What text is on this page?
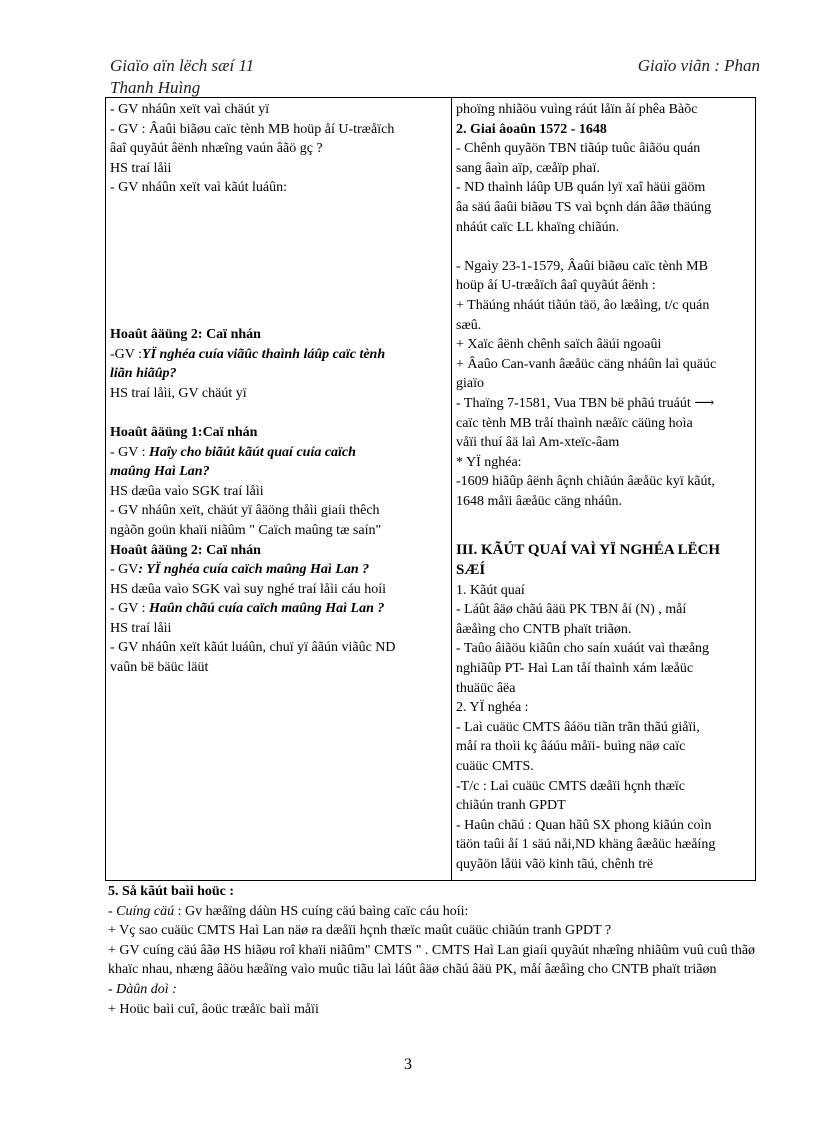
Giaïo aïn lëch sæí 11
Thanh Huìng
Giaïo viãn : Phan
- GV nháûn xeït vaì chäút yï
- GV : Âaûi biãøu caïc tènh MB hoüp åí U-træåïch
âaî quyãút âënh nhæîng vaún âãö gç ?
HS traí låìi
- GV nháûn xeït vaì kãút luáûn:
Hoaût âäüng 2: Caï nhán
-GV :YÏ nghéa cuía viãûc thaình láûp caïc tènh
liãn hiãûp?
HS traí låìi, GV chäút yï
Hoaût âäüng 1:Caï nhán
- GV : Haîy cho biãút kãút quaí cuía caïch
maûng Haì Lan?
HS dæûa vaìo SGK traí låìi
- GV nháûn xeït, chäút yï âäöng thåìi giaíi thêch
ngàõn goün khaïi niãûm " Caïch maûng tæ saín"
Hoaût âäüng 2: Caï nhán
- GV: YÏ nghéa cuía caïch maûng Haì Lan ?
HS dæûa vaìo SGK vaì suy nghé traí låìi cáu hoíi
- GV : Haûn chãú cuía caïch maûng Haì Lan ?
HS traí låìi
- GV nháûn xeït kãút luáûn, chuï yï âãún viãûc ND
vaûn bë bäüc läüt

phoïng nhiãöu vuìng ráút låïn åí phêa Bàõc
2. Giai âoaûn 1572 - 1648
- Chênh quyãön TBN tiãúp tuûc âiãöu quán
sang âaìn aïp, cæåïp phaï.
- ND thaình láûp UB quán lyï xaî häüi gäöm
âa säú âaûi biãøu TS vaì bçnh dán âãø thäúng
nháút caïc LL khaïng chiãún.
- Ngaìy 23-1-1579, Âaûi biãøu caïc tènh MB
hoüp åí U-træåïch âaî quyãút âënh :
+ Thäúng nháút tiãún täö, âo læåìng, t/c quán
sæû.
+ Xaïc âënh chênh saïch âäúi ngoaûi
+ Âaûo Can-vanh âæåüc cäng nháûn laì quäúc
giaïo
- Thaïng 7-1581, Vua TBN bë phãú truáút ⟶
caïc tènh MB tråí thaình næåïc cäüng hoìa
våïi thuí âä laì Am-xteïc-âam
* YÏ nghéa:
-1609 hiãûp âënh âçnh chiãún âæåüc kyï kãút,
1648 måïi âæåüc cäng nháûn.
III. KÃÚT QUAÍ VAÌ YÏ NGHÉA LËCH
SÆÍ
1. Kãút quaí
- Láût âäø chãú âäü PK TBN åí (N) , måí
âæåìng cho CNTB phaït triãøn.
- Taûo âiãöu kiãûn cho saín xuáút vaì thæång
nghiãûp PT- Haì Lan tåí thaình xám læåüc
thuäüc âëa
2. YÏ nghéa :
- Laì cuäüc CMTS âáöu tiãn trãn thãú giåïi,
måí ra thoìi kç âáúu måïi- buìng näø caïc
cuäüc CMTS.
-T/c : Laì cuäüc CMTS dæåïi hçnh thæïc
chiãún tranh GPDT
- Haûn chãú : Quan hãû SX phong kiãún coìn
täön taûi åí 1 säú nåi,ND khäng âæåüc hæåíng
quyãön låüi vãö kinh tãú, chênh trë
5. Så kãút baìi hoüc :
- Cuíng cäú : Gv hæåïng dáùn HS cuíng cäú baìng caïc cáu hoíi:
+ Vç sao cuäüc CMTS Haì Lan näø ra dæåïi hçnh thæïc maût cuäüc chiãún tranh GPDT ?
+ GV cuíng cäú âãø HS hiãøu roî khaïi niãûm" CMTS " . CMTS Haì Lan giaíi quyãút nhæîng nhiãûm vuû cuû thãø khaïc nhau, nhæng âãöu hæåïng vaìo muûc tiãu laì láût âäø chãú âäü PK, måí âæåìng cho CNTB phaït triãøn
- Dàûn doì :
+ Hoüc baìi cuî, âoüc træåïc baìi måïi
3
